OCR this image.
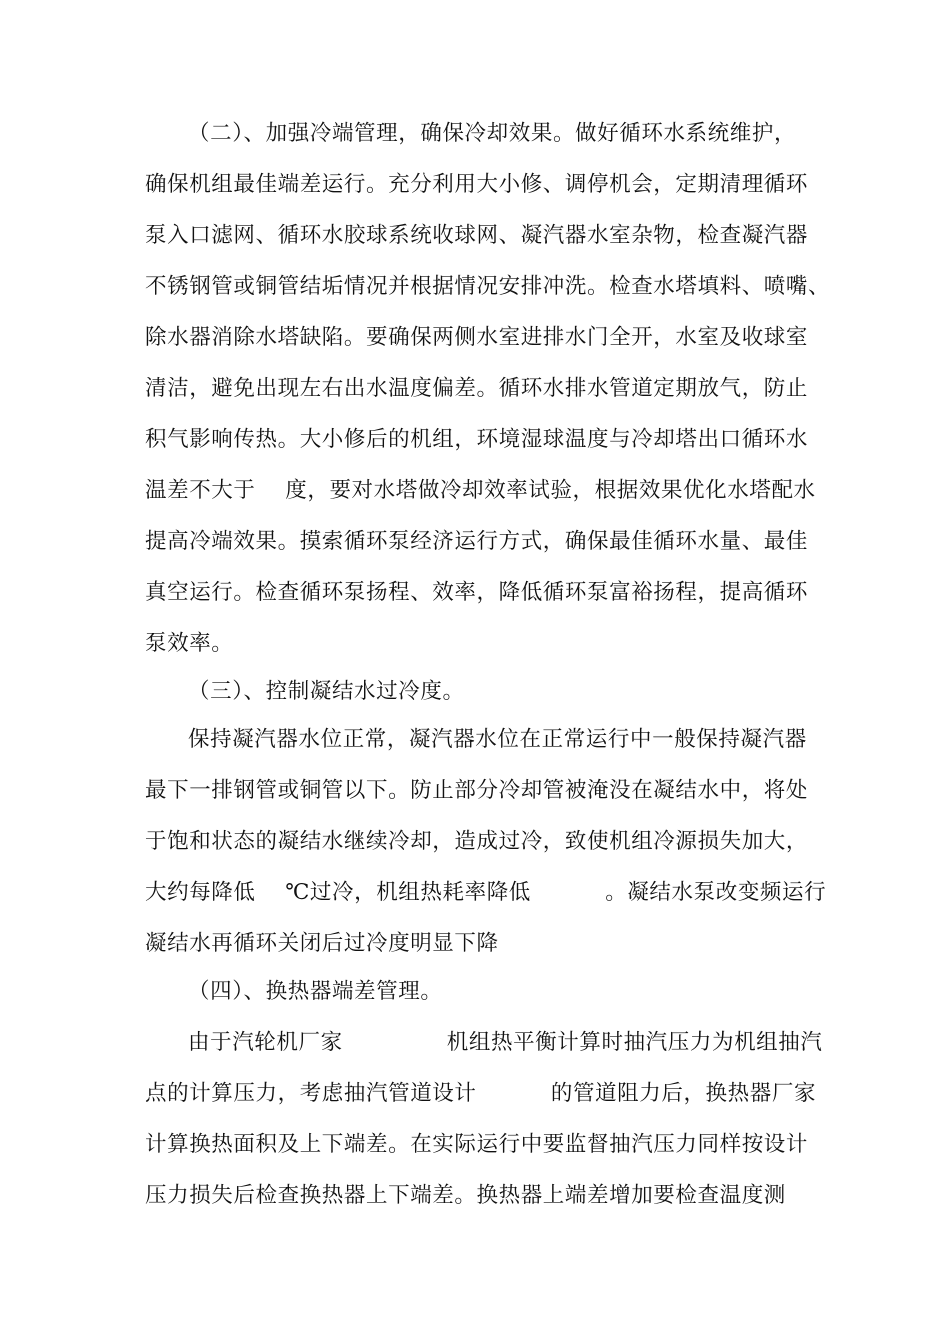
（二）、加强冷端管理，确保冷却效果。做好循环水系统维护，
确保机组最佳端差运行。充分利用大小修、调停机会，定期清理循环
泵入口滤网、循环水胶球系统收球网、凝汽器水室杂物，检查凝汽器
不锈钢管或铜管结垢情况并根据情况安排冲洗。检查水塔填料、喷嘴、
除水器消除水塔缺陷。要确保两侧水室进排水门全开，水室及收球室
清洁，避免出现左右出水温度偏差。循环水排水管道定期放气，防止
积气影响传热。大小修后的机组，环境湿球温度与冷却塔出口循环水
温差不大于    度，要对水塔做冷却效率试验，根据效果优化水塔配水
提高冷端效果。摸索循环泵经济运行方式，确保最佳循环水量、最佳
真空运行。检查循环泵扬程、效率，降低循环泵富裕扬程，提高循环
泵效率。
（三）、控制凝结水过冷度。
保持凝汽器水位正常，凝汽器水位在正常运行中一般保持凝汽器
最下一排钢管或铜管以下。防止部分冷却管被淹没在凝结水中，将处
于饱和状态的凝结水继续冷却，造成过冷，致使机组冷源损失加大，
大约每降低    ℃过冷，机组热耗率降低          。凝结水泵改变频运行
凝结水再循环关闭后过冷度明显下降
（四）、换热器端差管理。
由于汽轮机厂家              机组热平衡计算时抽汽压力为机组抽汽
点的计算压力，考虑抽汽管道设计          的管道阻力后，换热器厂家
计算换热面积及上下端差。在实际运行中要监督抽汽压力同样按设计
压力损失后检查换热器上下端差。换热器上端差增加要检查温度测
